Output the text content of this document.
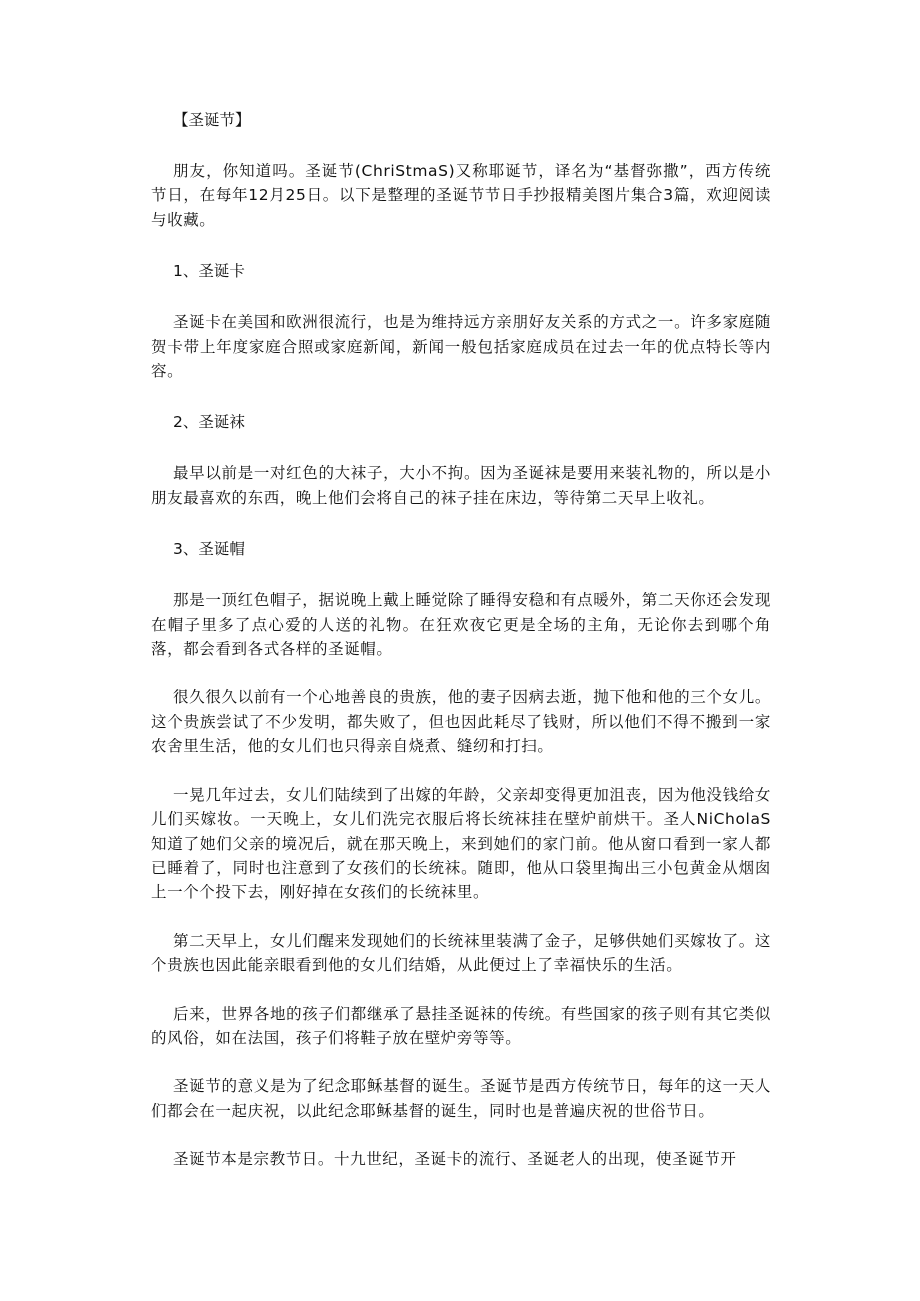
【圣诞节】

朋友，你知道吗。圣诞节(ChriStmaS)又称耶诞节，译名为“基督弥撒”，西方传统节日，在每年12月25日。以下是整理的圣诞节节日手抄报精美图片集合3篇，欢迎阅读与收藏。

1、圣诞卡

圣诞卡在美国和欧洲很流行，也是为维持远方亲朋好友关系的方式之一。许多家庭随贺卡带上年度家庭合照或家庭新闻，新闻一般包括家庭成员在过去一年的优点特长等内容。

2、圣诞袜

最早以前是一对红色的大袜子，大小不拘。因为圣诞袜是要用来装礼物的，所以是小朋友最喜欢的东西，晚上他们会将自己的袜子挂在床边，等待第二天早上收礼。

3、圣诞帽

那是一顶红色帽子，据说晚上戴上睡觉除了睡得安稳和有点暖外，第二天你还会发现在帽子里多了点心爱的人送的礼物。在狂欢夜它更是全场的主角，无论你去到哪个角落，都会看到各式各样的圣诞帽。

很久很久以前有一个心地善良的贵族，他的妻子因病去逝，抛下他和他的三个女儿。这个贵族尝试了不少发明，都失败了，但也因此耗尽了钱财，所以他们不得不搬到一家农舍里生活，他的女儿们也只得亲自烧煮、缝纫和打扫。

一晃几年过去，女儿们陆续到了出嫁的年龄，父亲却变得更加沮丧，因为他没钱给女儿们买嫁妆。一天晚上，女儿们洗完衣服后将长统袜挂在壁炉前烘干。圣人NiCholaS知道了她们父亲的境况后，就在那天晚上，来到她们的家门前。他从窗口看到一家人都已睡着了，同时也注意到了女孩们的长统袜。随即，他从口袋里掏出三小包黄金从烟囱上一个个投下去，刚好掉在女孩们的长统袜里。

第二天早上，女儿们醒来发现她们的长统袜里装满了金子，足够供她们买嫁妆了。这个贵族也因此能亲眼看到他的女儿们结婚，从此便过上了幸福快乐的生活。

后来，世界各地的孩子们都继承了悬挂圣诞袜的传统。有些国家的孩子则有其它类似的风俗，如在法国，孩子们将鞋子放在壁炉旁等等。

圣诞节的意义是为了纪念耶稣基督的诞生。圣诞节是西方传统节日，每年的这一天人们都会在一起庆祝，以此纪念耶稣基督的诞生，同时也是普遍庆祝的世俗节日。

圣诞节本是宗教节日。十九世纪，圣诞卡的流行、圣诞老人的出现，使圣诞节开
